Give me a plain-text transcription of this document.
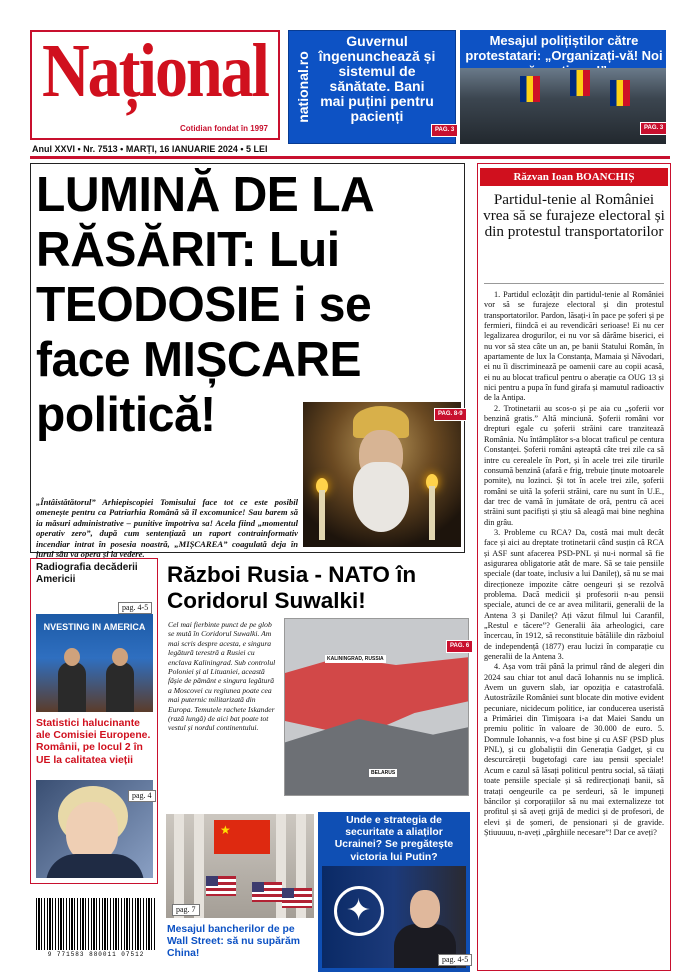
Național
Cotidian fondat în 1997
Anul XXVI • Nr. 7513 • MARȚI, 16 IANUARIE 2024 • 5 LEI
national.ro
Guvernul îngenunchează și sistemul de sănătate. Bani mai puțini pentru pacienți
PAG. 3
Mesajul polițiștilor către protestatari: „Organizați-vă! Noi
PAG. 3
LUMINĂ DE LA RĂSĂRIT: Lui TEODOSIE i se face MIȘCARE politică!	PAG. 8-9
„Întâistătătorul” Arhiepiscopiei Tomisului face tot ce este posibil omenește pentru ca Patriarhia Română să îl excomunice! Sau barem să ia măsuri administrative – punitive împotriva sa! Acela fiind „momentul operativ zero”, după cum sentențiază un raport contrainformativ incendiar intrat în posesia noastră, „MIȘCAREA” coagulată deja în jurul său va opera și la vedere.
Răzvan Ioan BOANCHIȘ
Partidul-tenie al României vrea să se furajeze electoral și din protestul transportatorilor

1. Partidul eclozățit din partidul-tenie al României vor să se furajeze electoral și din protestul transportatorilor. Pardon, lăsați-i în pace pe șoferi și pe fermieri, fiindcă ei au revendicări serioase! Ei nu cer legalizarea drogurilor, ei nu vor să dărâme biserici, ei nu vor să stea câte un an, pe banii Statului Român, în apartamente de lux la Constanța, Mamaia și Năvodari, ei nu îi discriminează pe oamenii care au copii acasă, ei nu au blocat traficul pentru o aberație ca OUG 13 și nici pentru a pupa în fund girafa și mamutul radioactiv de la Antipa.

2. Trotinetarii au scos-o și pe aia cu „șoferii vor benzină gratis.” Altă minciună. Șoferii români vor drepturi egale cu șoferii străini care tranzitează România. Nu întâmplător s-a blocat traficul pe centura Constanței. Șoferii români așteaptă câte trei zile ca să intre cu cerealele în Port, și în acele trei zile tirurile consumă benzină (afară e frig, trebuie ținute motoarele pornite), nu lozinci. Și tot în acele trei zile, șoferii români se uită la șoferii străini, care nu sunt în U.E., dar trec de vamă în jumătate de oră, pentru că acei străini sunt pacifiști și știu să aleagă mai bine neghina din grâu.

3. Probleme cu RCA? Da, costă mai mult decât face și aici au dreptate trotinetarii când susțin că RCA și ASF sunt afacerea PSD-PNL și nu-i normal să fie asigurarea obligatorie atât de mare. Să se taie pensiile speciale (dar toate, inclusiv a lui Danileț), să nu se mai direcționeze impozite către oengeuri și se rezolvă problema. Dacă medicii și profesorii n-au pensii speciale, atunci de ce ar avea militarii, generalii de la Antena 3 și Danileț? Ați văzut filmul lui Caranfil, „Restul e tăcere”? Generalii ăia arheologici, care încercau, în 1912, să reconstituie bătăliile din războiul de independență (1877) erau lucizi în comparație cu generalii de la Antena 3.

4. Așa vom trăi până la primul rând de alegeri din 2024 sau chiar tot anul dacă Iohannis nu se implică. Avem un guvern slab, iar opoziția e catastrofală. Autostrăzile României sunt blocate din motive evident pecuniare, nicidecum politice, iar conducerea useristă a Primăriei din Timișoara i-a dat Maiei Sandu un premiu politic în valoare de 30.000 de euro. 5. Domnule Iohannis, v-a fost bine și cu ASF (PSD plus PNL), și cu globaliștii din Generația Gadget, și cu descurcăreții bugetofagi care iau pensii speciale! Acum e cazul să lăsați politicul pentru social, să tăiați toate pensiile speciale și să redirecționați banii, să tratați oengeurile ca pe serdeuri, să le impuneți băncilor și corporațiilor să nu mai externalizeze tot profitul și să aveți grijă de medici și de profesori, de elevi și de șomeri, de pensionari și de gravide. Știuuuuu, n-aveți „pârghiile necesare”! Dar ce aveți?

Radiografia decăderii Americii
NVESTING IN AMERICA
pag. 4-5
Statistici halucinante ale Comisiei Europene. Românii, pe locul 2 în UE la calitatea vieții
pag. 4
Război Rusia - NATO în Coridorul Suwalki!
Cel mai fierbinte punct de pe glob se mută în Coridorul Suwalki. Am mai scris despre acesta, e singura legătură terestră a Rusiei cu enclava Kaliningrad. Sub controlul Poloniei și al Lituaniei, această fâșie de pământ e singura legătură a Moscovei cu regiunea poate cea mai puternic militarizată din Europa. Temutele rachete Iskander (rază lungă) de aici bat poate tot vestul și nordul continentului.
KALININGRAD, RUSSIA
BELARUS
PAG. 6
★
pag. 7
Mesajul bancherilor de pe Wall Street: să nu supărăm China!
Unde e strategia de securitate a aliaților Ucrainei? Se pregătește victoria lui Putin?
✦
pag. 4-5
9 771583 880011 07512
